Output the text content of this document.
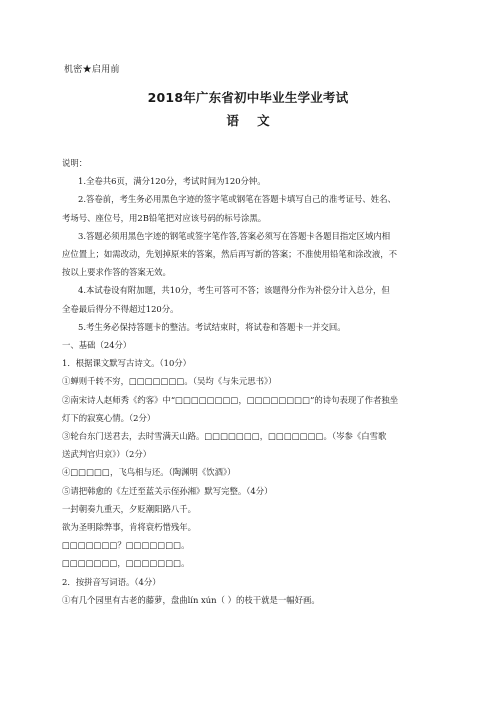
机密★启用前
2018年广东省初中毕业生学业考试
语 文
说明：
1.全卷共6页，满分120分，考试时间为120分钟。
2.答卷前，考生务必用黑色字迹的签字笔或钢笔在答题卡填写自己的准考证号、姓名、
考场号、座位号，用2B铅笔把对应该号码的标号涂黑。
3.答题必须用黑色字迹的钢笔或签字笔作答,答案必须写在答题卡各题目指定区域内相
应位置上；如需改动，先划掉原来的答案，然后再写新的答案；不准使用铅笔和涂改液，不
按以上要求作答的答案无效。
4.本试卷设有附加题，共10分，考生可答可不答；该题得分作为补偿分计入总分，但
全卷最后得分不得超过120分。
5.考生务必保持答题卡的整洁。考试结束时，将试卷和答题卡一并交回。
一、基础（24分）
1．根据课文默写古诗文。（10分）
①蝉则千转不穷，□□□□□□□。（吴均《与朱元思书》）
②南宋诗人赵师秀《约客》中“□□□□□□□□，□□□□□□□□”的诗句表现了作者独坐
灯下的寂寞心情。（2分）
③轮台东门送君去，去时雪满天山路。□□□□□□□，□□□□□□□。（岑参《白雪歌
送武判官归京》）（2分）
④□□□□□，飞鸟相与还。（陶渊明《饮酒》）
⑤请把韩愈的《左迁至蓝关示侄孙湘》默写完整。（4分）
一封朝奏九重天，夕贬潮阳路八千。
欲为圣明除弊事，肯将衰朽惜残年。
□□□□□□□？□□□□□□□。
□□□□□□□，□□□□□□□。
2．按拼音写词语。（4分）
①有几个园里有古老的藤萝，盘曲lín xún（ ）的枝干就是一幅好画。
